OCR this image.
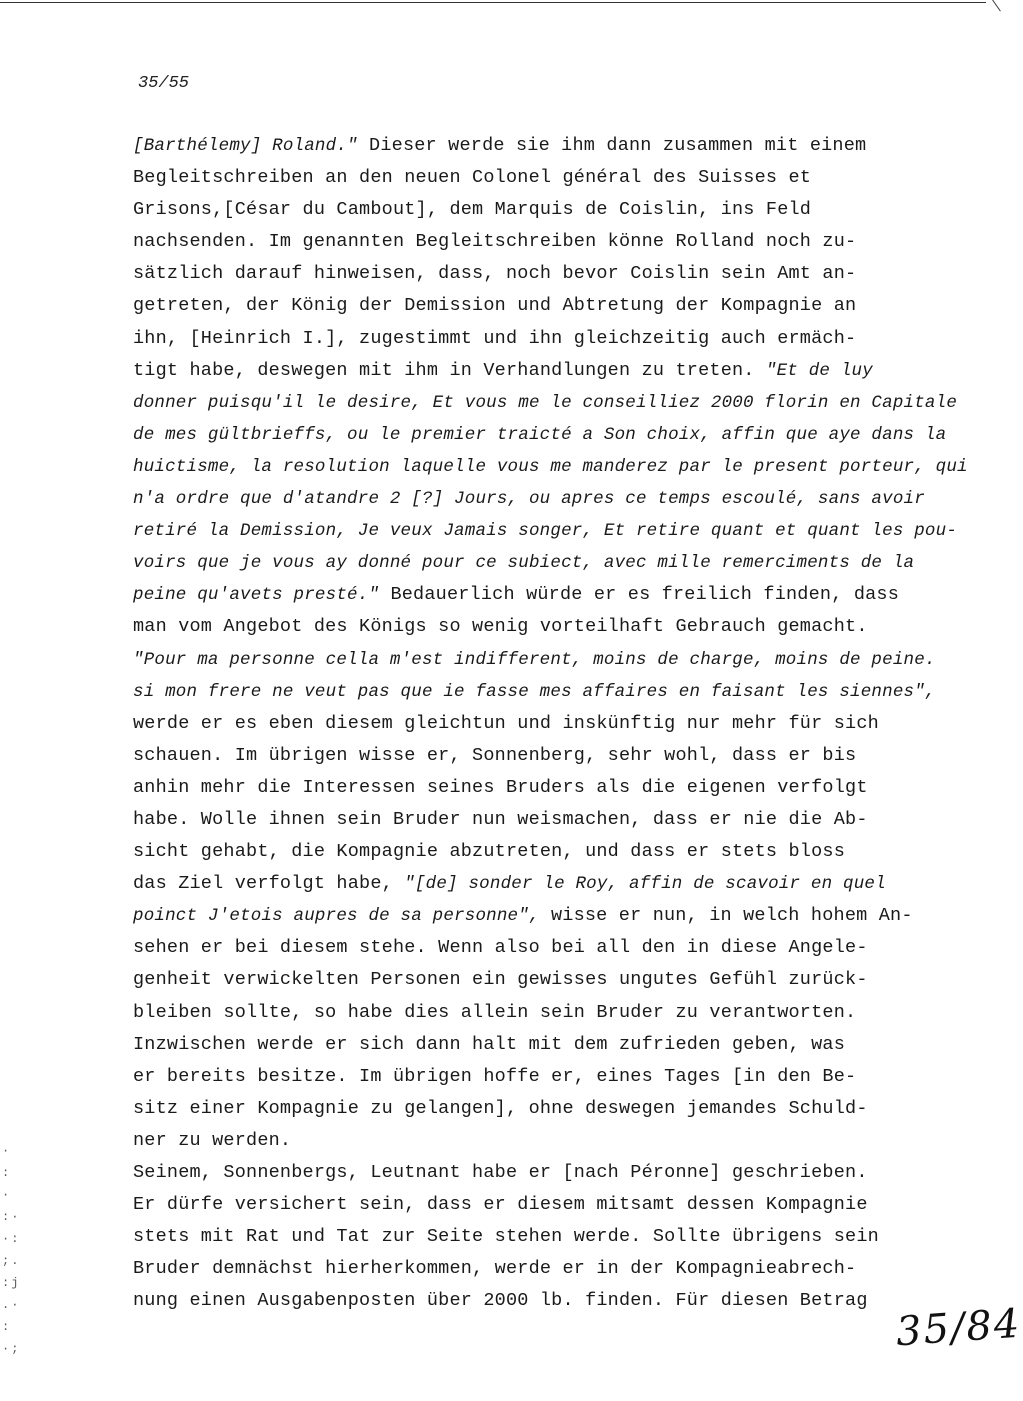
·
:
·
:·
·:
;.
:j
.·
:
·;
35/55
[Barthélemy] Roland." Dieser werde sie ihm dann zusammen mit einem
Begleitschreiben an den neuen Colonel général des Suisses et
Grisons,[César du Cambout], dem Marquis de Coislin, ins Feld
nachsenden. Im genannten Begleitschreiben könne Rolland noch zu-
sätzlich darauf hinweisen, dass, noch bevor Coislin sein Amt an-
getreten, der König der Demission und Abtretung der Kompagnie an
ihn, [Heinrich I.], zugestimmt und ihn gleichzeitig auch ermäch-
tigt habe, deswegen mit ihm in Verhandlungen zu treten. "Et de luy
donner puisqu'il le desire, Et vous me le conseilliez 2000 florin en Capitale
de mes gültbrieffs, ou le premier traicté a Son choix, affin que aye dans la
huictisme, la resolution laquelle vous me manderez par le present porteur, qui
n'a ordre que d'atandre 2 [?] Jours, ou apres ce temps escoulé, sans avoir
retiré la Demission, Je veux Jamais songer, Et retire quant et quant les pou-
voirs que je vous ay donné pour ce subiect, avec mille remerciments de la
peine qu'avets presté." Bedauerlich würde er es freilich finden, dass
man vom Angebot des Königs so wenig vorteilhaft Gebrauch gemacht.
"Pour ma personne cella m'est indifferent, moins de charge, moins de peine.
si mon frere ne veut pas que ie fasse mes affaires en faisant les siennes",
werde er es eben diesem gleichtun und inskünftig nur mehr für sich
schauen. Im übrigen wisse er, Sonnenberg, sehr wohl, dass er bis
anhin mehr die Interessen seines Bruders als die eigenen verfolgt
habe. Wolle ihnen sein Bruder nun weismachen, dass er nie die Ab-
sicht gehabt, die Kompagnie abzutreten, und dass er stets bloss
das Ziel verfolgt habe, "[de] sonder le Roy, affin de scavoir en quel
poinct J'etois aupres de sa personne", wisse er nun, in welch hohem An-
sehen er bei diesem stehe. Wenn also bei all den in diese Angele-
genheit verwickelten Personen ein gewisses ungutes Gefühl zurück-
bleiben sollte, so habe dies allein sein Bruder zu verantworten.
Inzwischen werde er sich dann halt mit dem zufrieden geben, was
er bereits besitze. Im übrigen hoffe er, eines Tages [in den Be-
sitz einer Kompagnie zu gelangen], ohne deswegen jemandes Schuld-
ner zu werden.
Seinem, Sonnenbergs, Leutnant habe er [nach Péronne] geschrieben.
Er dürfe versichert sein, dass er diesem mitsamt dessen Kompagnie
stets mit Rat und Tat zur Seite stehen werde. Sollte übrigens sein
Bruder demnächst hierherkommen, werde er in der Kompagnieabrech-
nung einen Ausgabenposten über 2000 lb. finden. Für diesen Betrag 35/84
